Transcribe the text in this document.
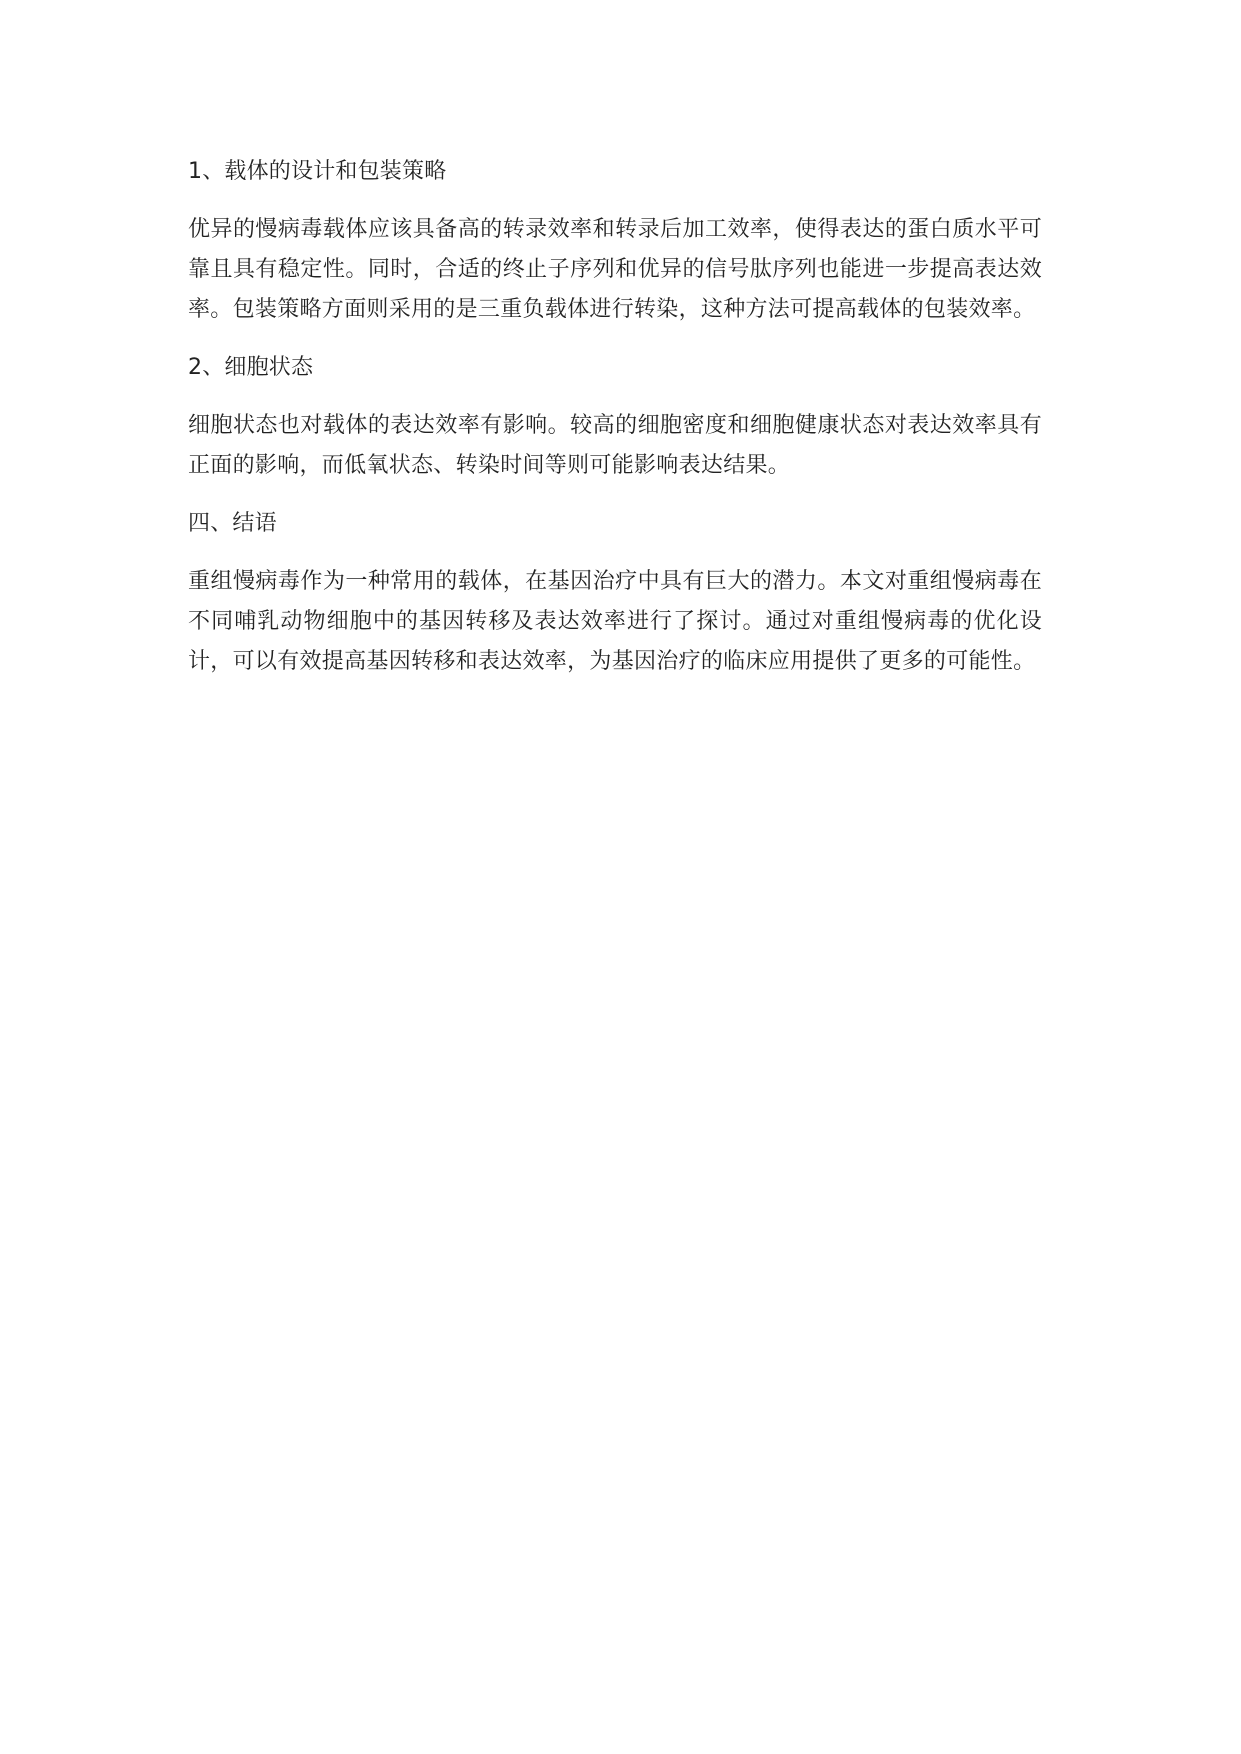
1、载体的设计和包装策略

优异的慢病毒载体应该具备高的转录效率和转录后加工效率，使得表达的蛋白质水平可靠且具有稳定性。同时，合适的终止子序列和优异的信号肽序列也能进一步提高表达效率。包装策略方面则采用的是三重负载体进行转染，这种方法可提高载体的包装效率。

2、细胞状态

细胞状态也对载体的表达效率有影响。较高的细胞密度和细胞健康状态对表达效率具有正面的影响，而低氧状态、转染时间等则可能影响表达结果。

四、结语

重组慢病毒作为一种常用的载体，在基因治疗中具有巨大的潜力。本文对重组慢病毒在不同哺乳动物细胞中的基因转移及表达效率进行了探讨。通过对重组慢病毒的优化设计，可以有效提高基因转移和表达效率，为基因治疗的临床应用提供了更多的可能性。
